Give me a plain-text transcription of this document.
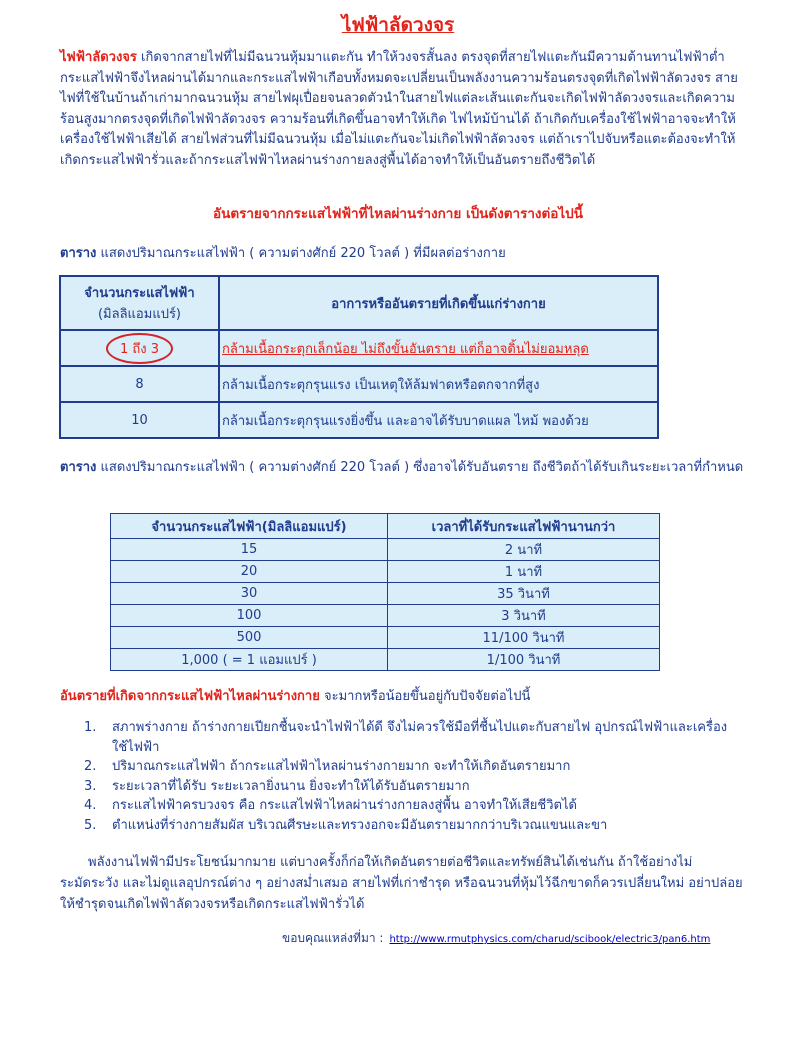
ไฟฟ้าลัดวงจร
ไฟฟ้าลัดวงจร เกิดจากสายไฟที่ไม่มีฉนวนหุ้มมาแตะกัน ทำให้วงจรสั้นลง ตรงจุดที่สายไฟแตะกันมีความต้านทานไฟฟ้าต่ำกระแสไฟฟ้าจึงไหลผ่านได้มากและกระแสไฟฟ้าเกือบทั้งหมดจะเปลี่ยนเป็นพลังงานความร้อนตรงจุดที่เกิดไฟฟ้าลัดวงจร สายไฟที่ใช้ในบ้านถ้าเก่ามากฉนวนหุ้ม สายไฟผุเปื่อยจนลวดตัวนำในสายไฟแต่ละเส้นแตะกันจะเกิดไฟฟ้าลัดวงจรและเกิดความร้อนสูงมากตรงจุดที่เกิดไฟฟ้าลัดวงจร ความร้อนที่เกิดขึ้นอาจทำให้เกิด ไฟไหม้บ้านได้ ถ้าเกิดกับเครื่องใช้ไฟฟ้าอาจจะทำให้เครื่องใช้ไฟฟ้าเสียได้ สายไฟส่วนที่ไม่มีฉนวนหุ้ม เมื่อไม่แตะกันจะไม่เกิดไฟฟ้าลัดวงจร แต่ถ้าเราไปจับหรือแตะต้องจะทำให้เกิดกระแสไฟฟ้ารั่วและถ้ากระแสไฟฟ้าไหลผ่านร่างกายลงสู่พื้นได้อาจทำให้เป็นอันตรายถึงชีวิตได้
อันตรายจากกระแสไฟฟ้าที่ไหลผ่านร่างกาย เป็นดังตารางต่อไปนี้
ตาราง แสดงปริมาณกระแสไฟฟ้า ( ความต่างศักย์ 220 โวลต์ ) ที่มีผลต่อร่างกาย
จำนวนกระแสไฟฟ้า
(มิลลิแอมแปร์)	อาการหรืออันตรายที่เกิดขึ้นแก่ร่างกาย
1 ถึง 3	กล้ามเนื้อกระตุกเล็กน้อย ไม่ถึงขั้นอันตราย แต่ก็อาจดิ้นไม่ยอมหลุด
8	กล้ามเนื้อกระตุกรุนแรง เป็นเหตุให้ล้มฟาดหรือตกจากที่สูง
10	กล้ามเนื้อกระตุกรุนแรงยิ่งขึ้น และอาจได้รับบาดแผล ไหม้ พองด้วย
ตาราง แสดงปริมาณกระแสไฟฟ้า ( ความต่างศักย์ 220 โวลต์ ) ซึ่งอาจได้รับอันตราย ถึงชีวิตถ้าได้รับเกินระยะเวลาที่กำหนด
จำนวนกระแสไฟฟ้า(มิลลิแอมแปร์)	เวลาที่ได้รับกระแสไฟฟ้านานกว่า
15	2 นาที
20	1 นาที
30	35 วินาที
100	3 วินาที
500	11/100 วินาที
1,000 ( = 1 แอมแปร์ )	1/100 วินาที
อันตรายที่เกิดจากกระแสไฟฟ้าไหลผ่านร่างกาย จะมากหรือน้อยขึ้นอยู่กับปัจจัยต่อไปนี้
1. สภาพร่างกาย ถ้าร่างกายเปียกชื้นจะนำไฟฟ้าได้ดี จึงไม่ควรใช้มือที่ชื้นไปแตะกับสายไฟ อุปกรณ์ไฟฟ้าและเครื่องใช้ไฟฟ้า
2. ปริมาณกระแสไฟฟ้า ถ้ากระแสไฟฟ้าไหลผ่านร่างกายมาก จะทำให้เกิดอันตรายมาก
3. ระยะเวลาที่ได้รับ ระยะเวลายิ่งนาน ยิ่งจะทำให้ได้รับอันตรายมาก
4. กระแสไฟฟ้าครบวงจร คือ กระแสไฟฟ้าไหลผ่านร่างกายลงสู่พื้น อาจทำให้เสียชีวิตได้
5. ตำแหน่งที่ร่างกายสัมผัส บริเวณศีรษะและทรวงอกจะมีอันตรายมากกว่าบริเวณแขนและขา
พลังงานไฟฟ้ามีประโยชน์มากมาย แต่บางครั้งก็ก่อให้เกิดอันตรายต่อชีวิตและทรัพย์สินได้เช่นกัน ถ้าใช้อย่างไม่ระมัดระวัง และไม่ดูแลอุปกรณ์ต่าง ๆ อย่างสม่ำเสมอ สายไฟที่เก่าชำรุด หรือฉนวนที่หุ้มไว้ฉีกขาดก็ควรเปลี่ยนใหม่ อย่าปล่อยให้ชำรุดจนเกิดไฟฟ้าลัดวงจรหรือเกิดกระแสไฟฟ้ารั่วได้
ขอบคุณแหล่งที่มา : http://www.rmutphysics.com/charud/scibook/electric3/pan6.htm
